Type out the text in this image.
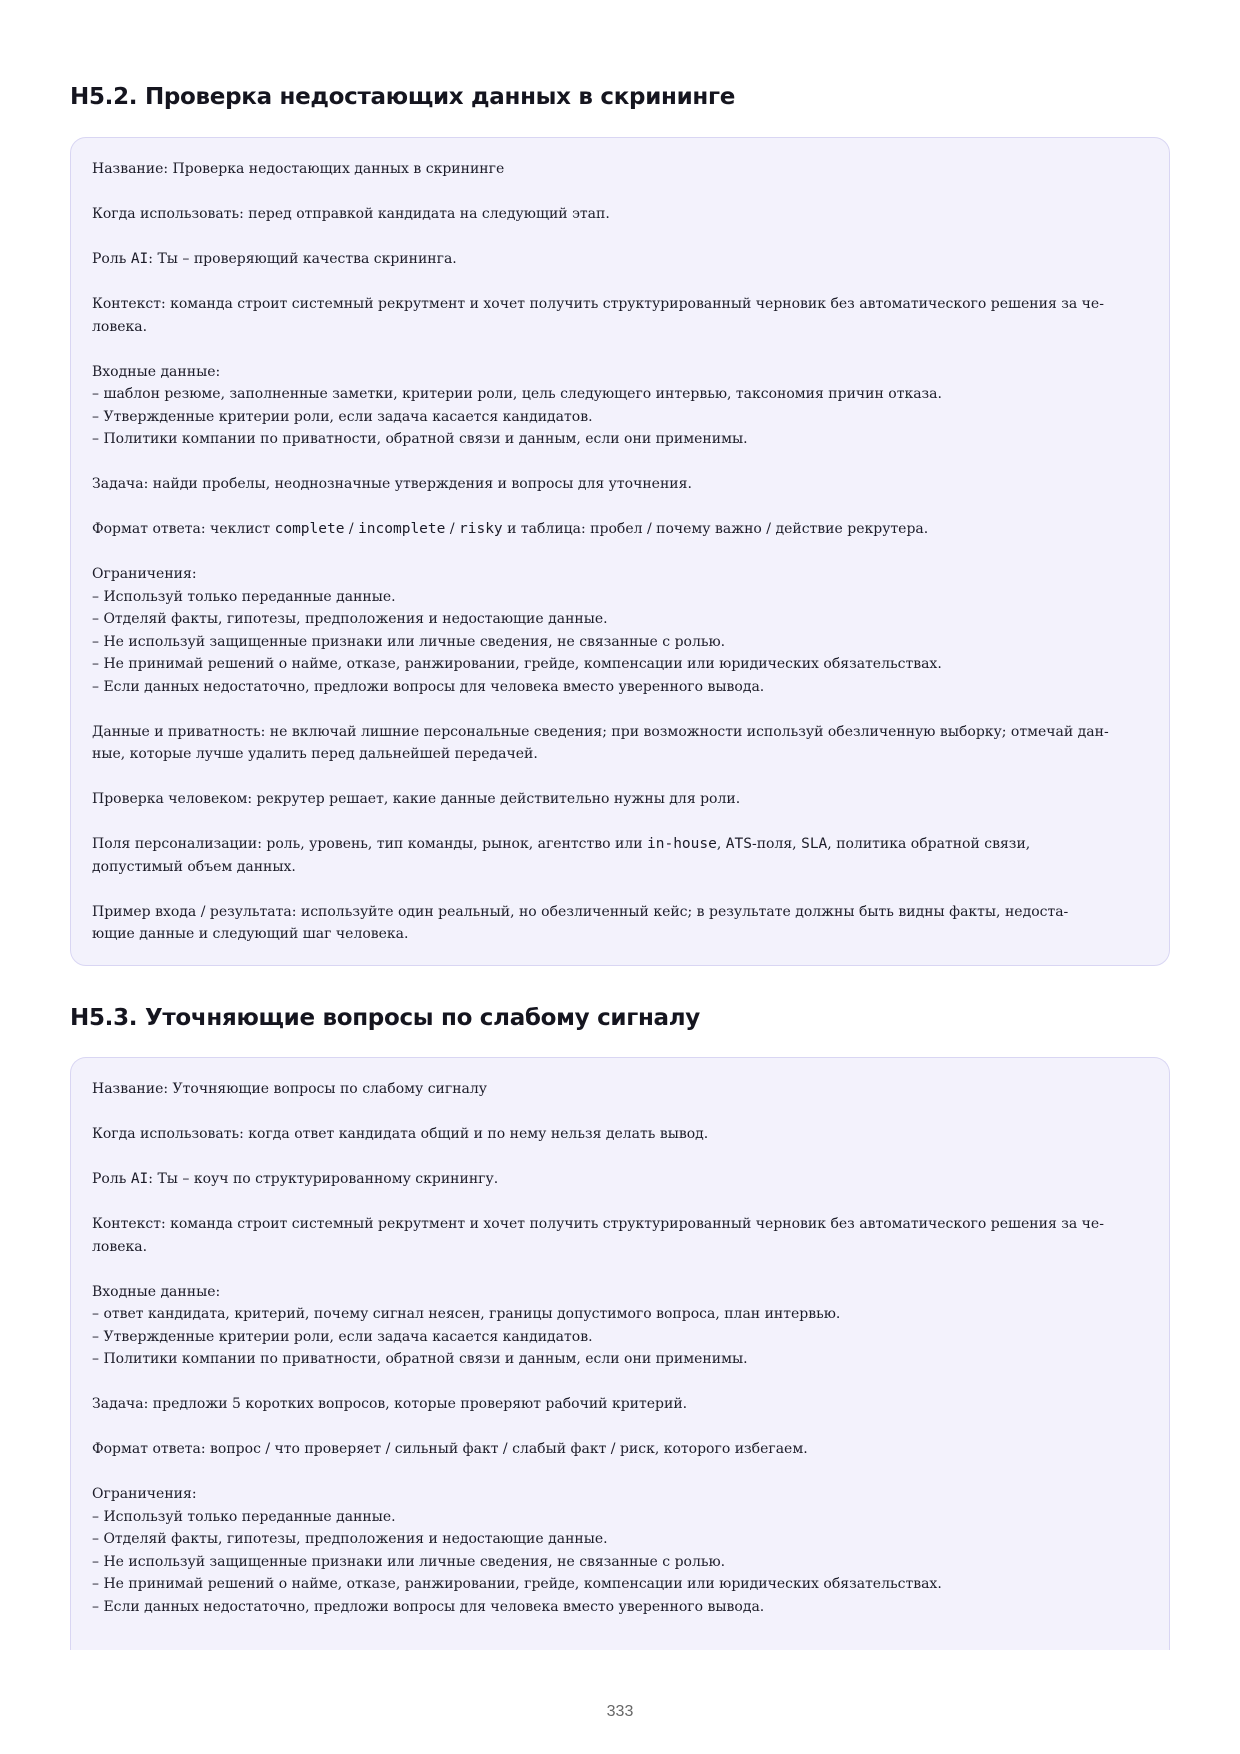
H5.2. Проверка недостающих данных в скрининге
Название: Проверка недостающих данных в скрининге
Когда использовать: перед отправкой кандидата на следующий этап.
Роль AI: Ты – проверяющий качества скрининга.
Контекст: команда строит системный рекрутмент и хочет получить структурированный черновик без автоматического решения за че-
ловека.
Входные данные:
– шаблон резюме, заполненные заметки, критерии роли, цель следующего интервью, таксономия причин отказа.
– Утвержденные критерии роли, если задача касается кандидатов.
– Политики компании по приватности, обратной связи и данным, если они применимы.
Задача: найди пробелы, неоднозначные утверждения и вопросы для уточнения.
Формат ответа: чеклист complete / incomplete / risky и таблица: пробел / почему важно / действие рекрутера.
Ограничения:
– Используй только переданные данные.
– Отделяй факты, гипотезы, предположения и недостающие данные.
– Не используй защищенные признаки или личные сведения, не связанные с ролью.
– Не принимай решений о найме, отказе, ранжировании, грейде, компенсации или юридических обязательствах.
– Если данных недостаточно, предложи вопросы для человека вместо уверенного вывода.
Данные и приватность: не включай лишние персональные сведения; при возможности используй обезличенную выборку; отмечай дан-
ные, которые лучше удалить перед дальнейшей передачей.
Проверка человеком: рекрутер решает, какие данные действительно нужны для роли.
Поля персонализации: роль, уровень, тип команды, рынок, агентство или in-house, ATS-поля, SLA, политика обратной связи,
допустимый объем данных.
Пример входа / результата: используйте один реальный, но обезличенный кейс; в результате должны быть видны факты, недоста-
ющие данные и следующий шаг человека.
H5.3. Уточняющие вопросы по слабому сигналу
Название: Уточняющие вопросы по слабому сигналу
Когда использовать: когда ответ кандидата общий и по нему нельзя делать вывод.
Роль AI: Ты – коуч по структурированному скринингу.
Контекст: команда строит системный рекрутмент и хочет получить структурированный черновик без автоматического решения за че-
ловека.
Входные данные:
– ответ кандидата, критерий, почему сигнал неясен, границы допустимого вопроса, план интервью.
– Утвержденные критерии роли, если задача касается кандидатов.
– Политики компании по приватности, обратной связи и данным, если они применимы.
Задача: предложи 5 коротких вопросов, которые проверяют рабочий критерий.
Формат ответа: вопрос / что проверяет / сильный факт / слабый факт / риск, которого избегаем.
Ограничения:
– Используй только переданные данные.
– Отделяй факты, гипотезы, предположения и недостающие данные.
– Не используй защищенные признаки или личные сведения, не связанные с ролью.
– Не принимай решений о найме, отказе, ранжировании, грейде, компенсации или юридических обязательствах.
– Если данных недостаточно, предложи вопросы для человека вместо уверенного вывода.
333
